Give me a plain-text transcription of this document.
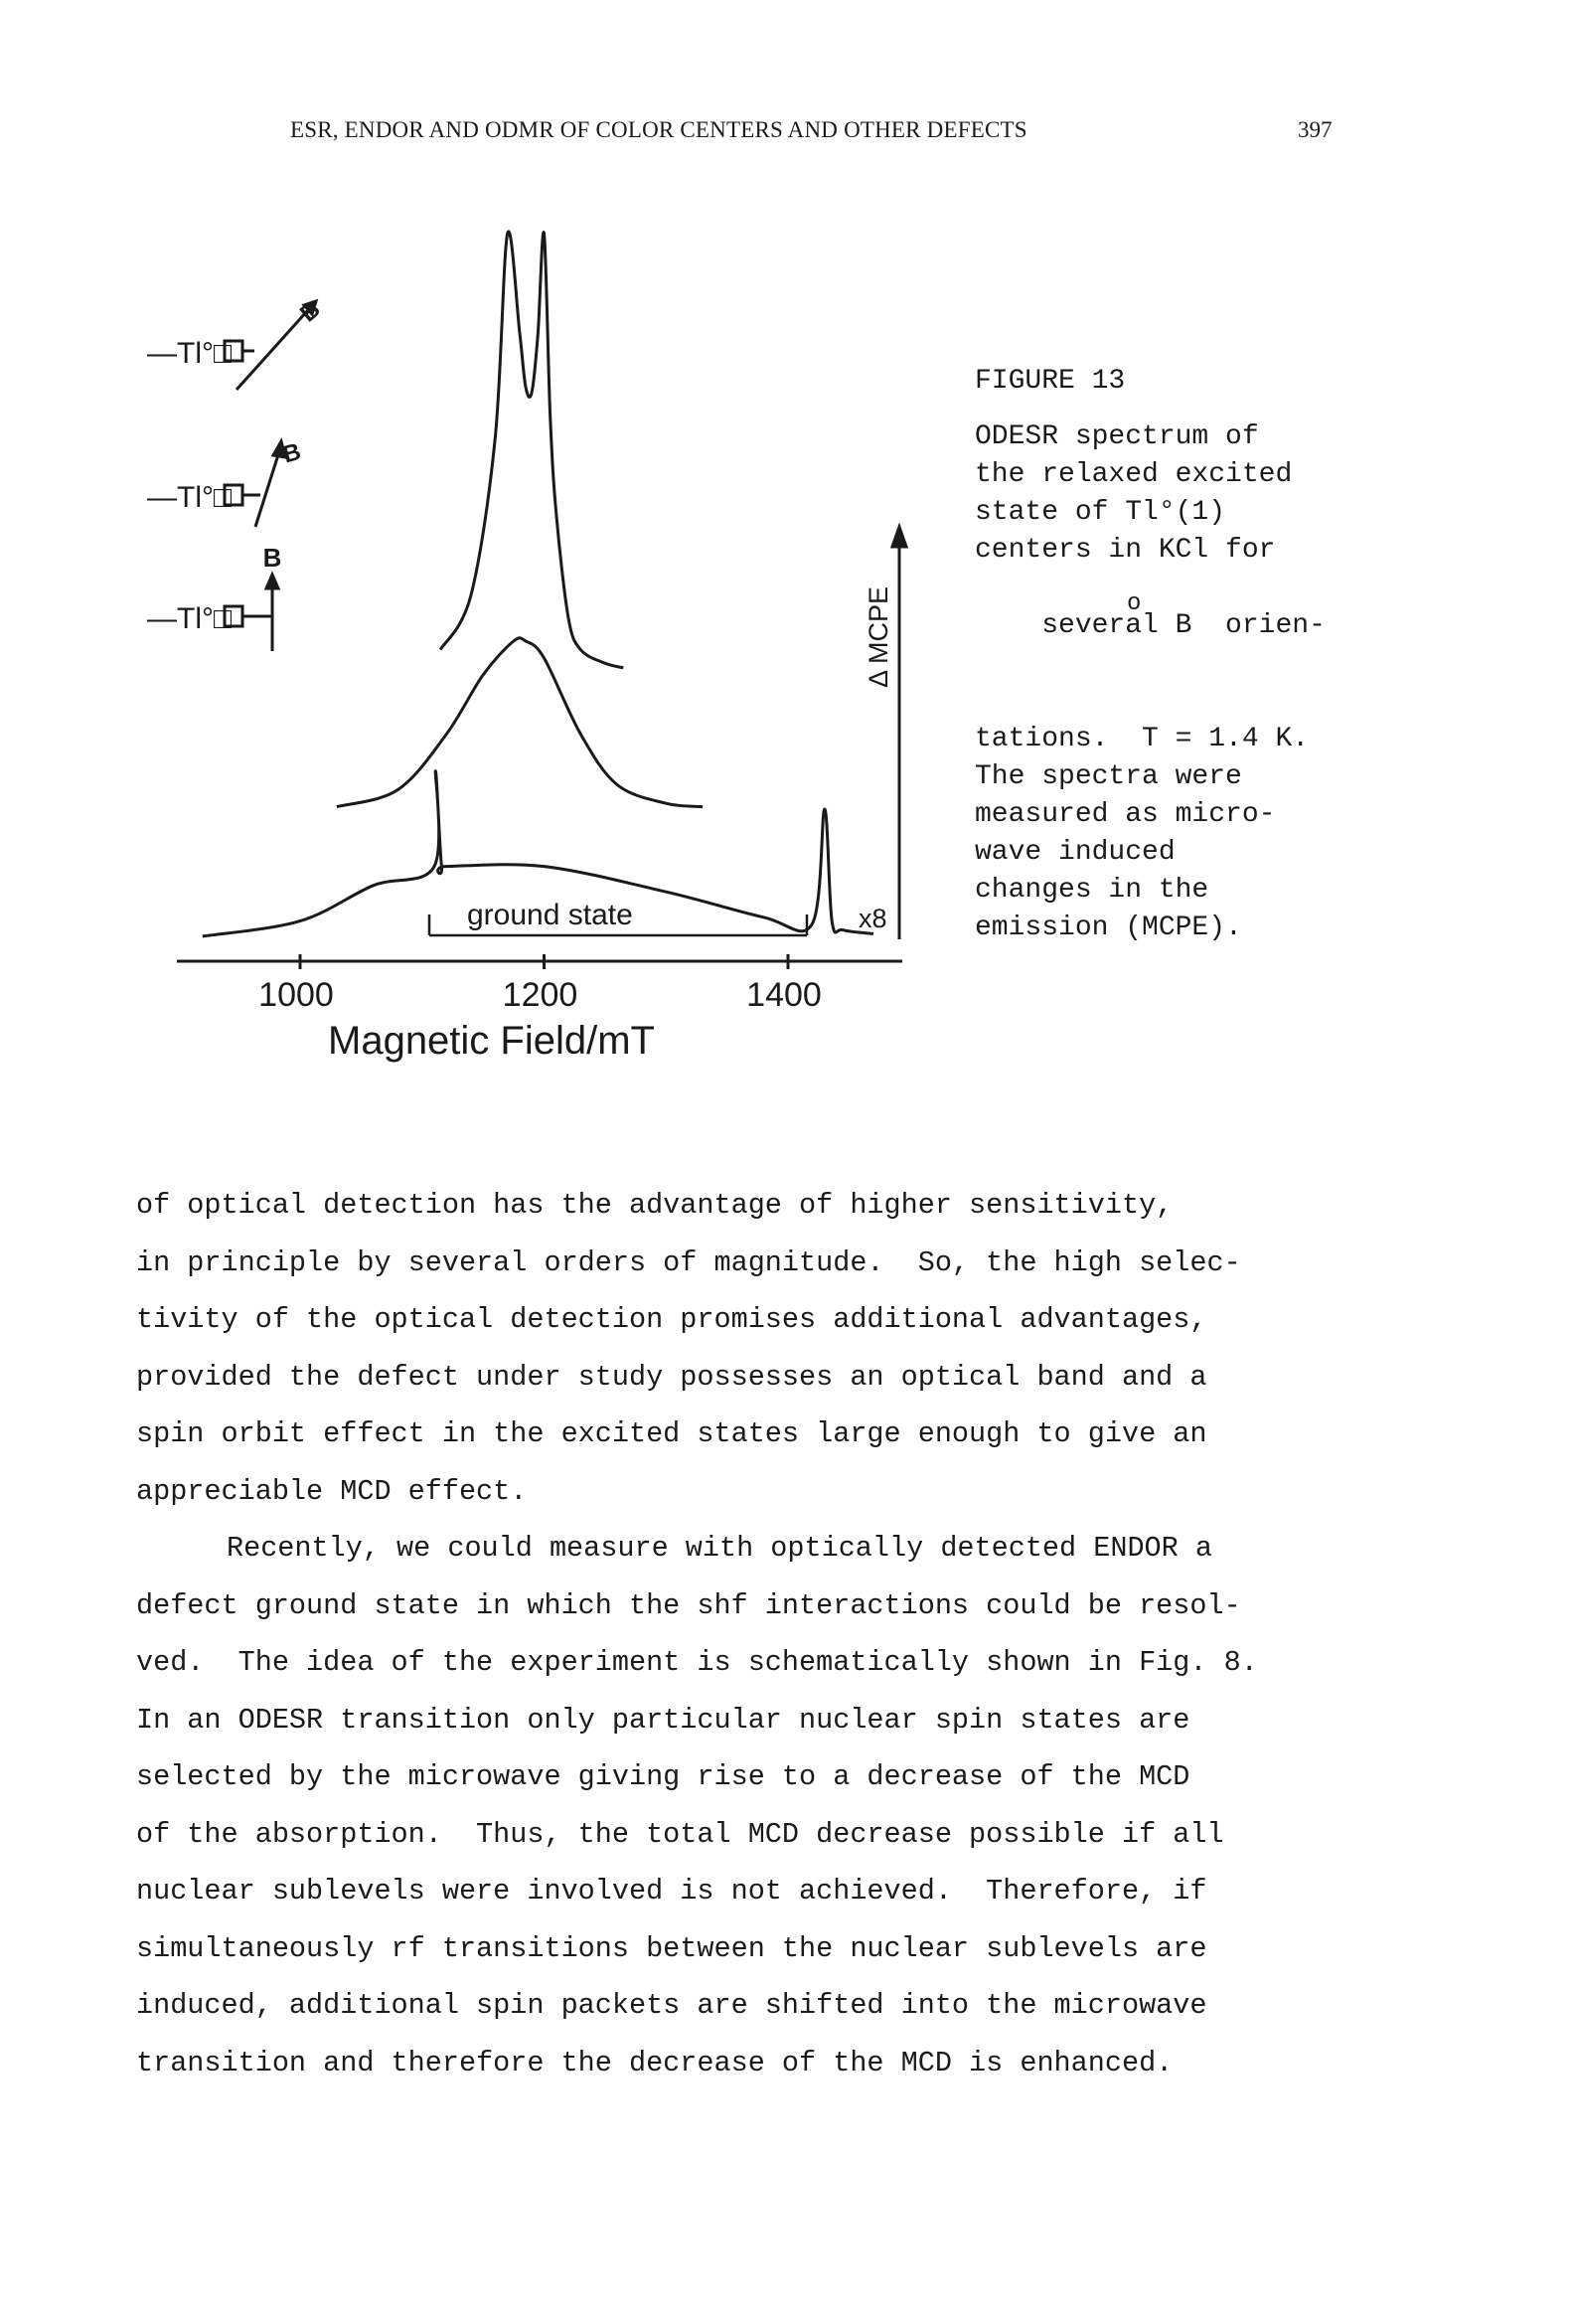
ESR, ENDOR AND ODMR OF COLOR CENTERS AND OTHER DEFECTS	397
—Tl°□
B
—Tl°□
B
B
—Tl°□
ground state	x8
Δ MCPE
1000	1200	1400
Magnetic Field/mT
FIGURE 13
ODESR spectrum of
the relaxed excited
state of Tl°(1)
centers in KCl for

several B  orien-

o

tations.  T = 1.4 K.
The spectra were
measured as micro-
wave induced
changes in the
emission (MCPE).
of optical detection has the advantage of higher sensitivity,
in principle by several orders of magnitude.  So, the high selec-
tivity of the optical detection promises additional advantages,
provided the defect under study possesses an optical band and a
spin orbit effect in the excited states large enough to give an
appreciable MCD effect.
Recently, we could measure with optically detected ENDOR a
defect ground state in which the shf interactions could be resol-
ved.  The idea of the experiment is schematically shown in Fig. 8.
In an ODESR transition only particular nuclear spin states are
selected by the microwave giving rise to a decrease of the MCD
of the absorption.  Thus, the total MCD decrease possible if all
nuclear sublevels were involved is not achieved.  Therefore, if
simultaneously rf transitions between the nuclear sublevels are
induced, additional spin packets are shifted into the microwave
transition and therefore the decrease of the MCD is enhanced.
